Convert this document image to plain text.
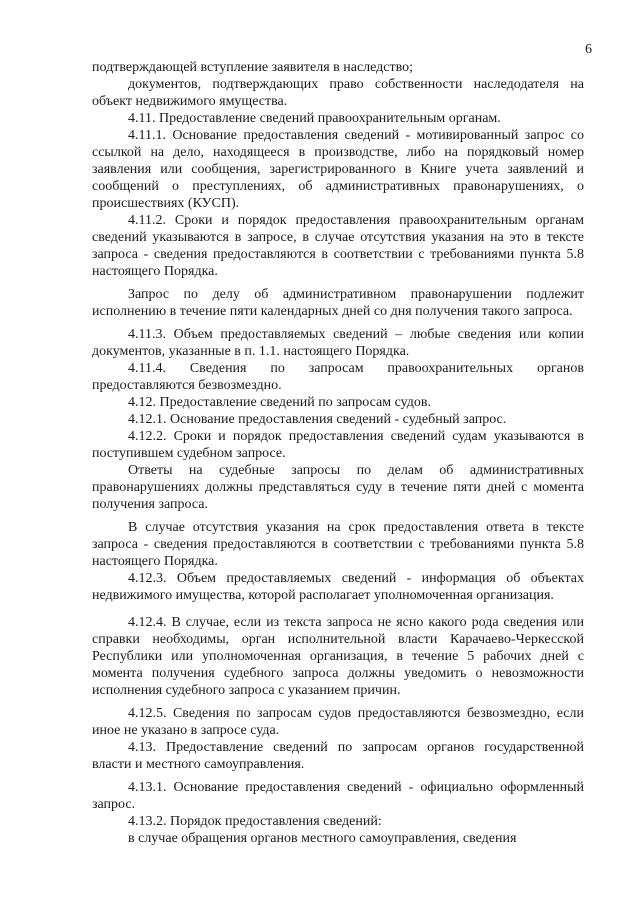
6

подтверждающей вступление заявителя в наследство;

документов, подтверждающих право собственности наследодателя на объект недвижимого ямущества.

4.11. Предоставление сведений правоохранительным органам.

4.11.1. Основание предоставления сведений - мотивированный запрос со ссылкой на дело, находящееся в производстве, либо на порядковый номер заявления или сообщения, зарегистрированного в Книге учета заявлений и сообщений о преступлениях, об административных правонарушениях, о происшествиях (КУСП).

4.11.2. Сроки и порядок предоставления правоохранительным органам сведений указываются в запросе, в случае отсутствия указания на это в тексте запроса - сведения предоставляются в соответствии с требованиями пункта 5.8 настоящего Порядка.

Запрос по делу об административном правонарушении подлежит исполнению в течение пяти календарных дней со дня получения такого запроса.

4.11.3. Объем предоставляемых сведений – любые сведения или копии документов, указанные в п. 1.1. настоящего Порядка.

4.11.4. Сведения по запросам правоохранительных органов предоставляются безвозмездно.

4.12. Предоставление сведений по запросам судов.

4.12.1. Основание предоставления сведений - судебный запрос.

4.12.2. Сроки и порядок предоставления сведений судам указываются в поступившем судебном запросе.

Ответы на судебные запросы по делам об административных правонарушениях должны представляться суду в течение пяти дней с момента получения запроса.

В случае отсутствия указания на срок предоставления ответа в тексте запроса - сведения предоставляются в соответствии с требованиями пункта 5.8 настоящего Порядка.

4.12.3. Объем предоставляемых сведений - информация об объектах недвижимого имущества, которой располагает уполномоченная организация.

4.12.4. В случае, если из текста запроса не ясно какого рода сведения или справки необходимы, орган исполнительной власти Карачаево-Черкесской Республики или уполномоченная организация, в течение 5 рабочих дней с момента получения судебного запроса должны уведомить о невозможности исполнения судебного запроса с указанием причин.

4.12.5. Сведения по запросам судов предоставляются безвозмездно, если иное не указано в запросе суда.

4.13. Предоставление сведений по запросам органов государственной власти и местного самоуправления.

4.13.1. Основание предоставления сведений - официально оформленный запрос.

4.13.2. Порядок предоставления сведений:

в случае обращения органов местного самоуправления, сведения
